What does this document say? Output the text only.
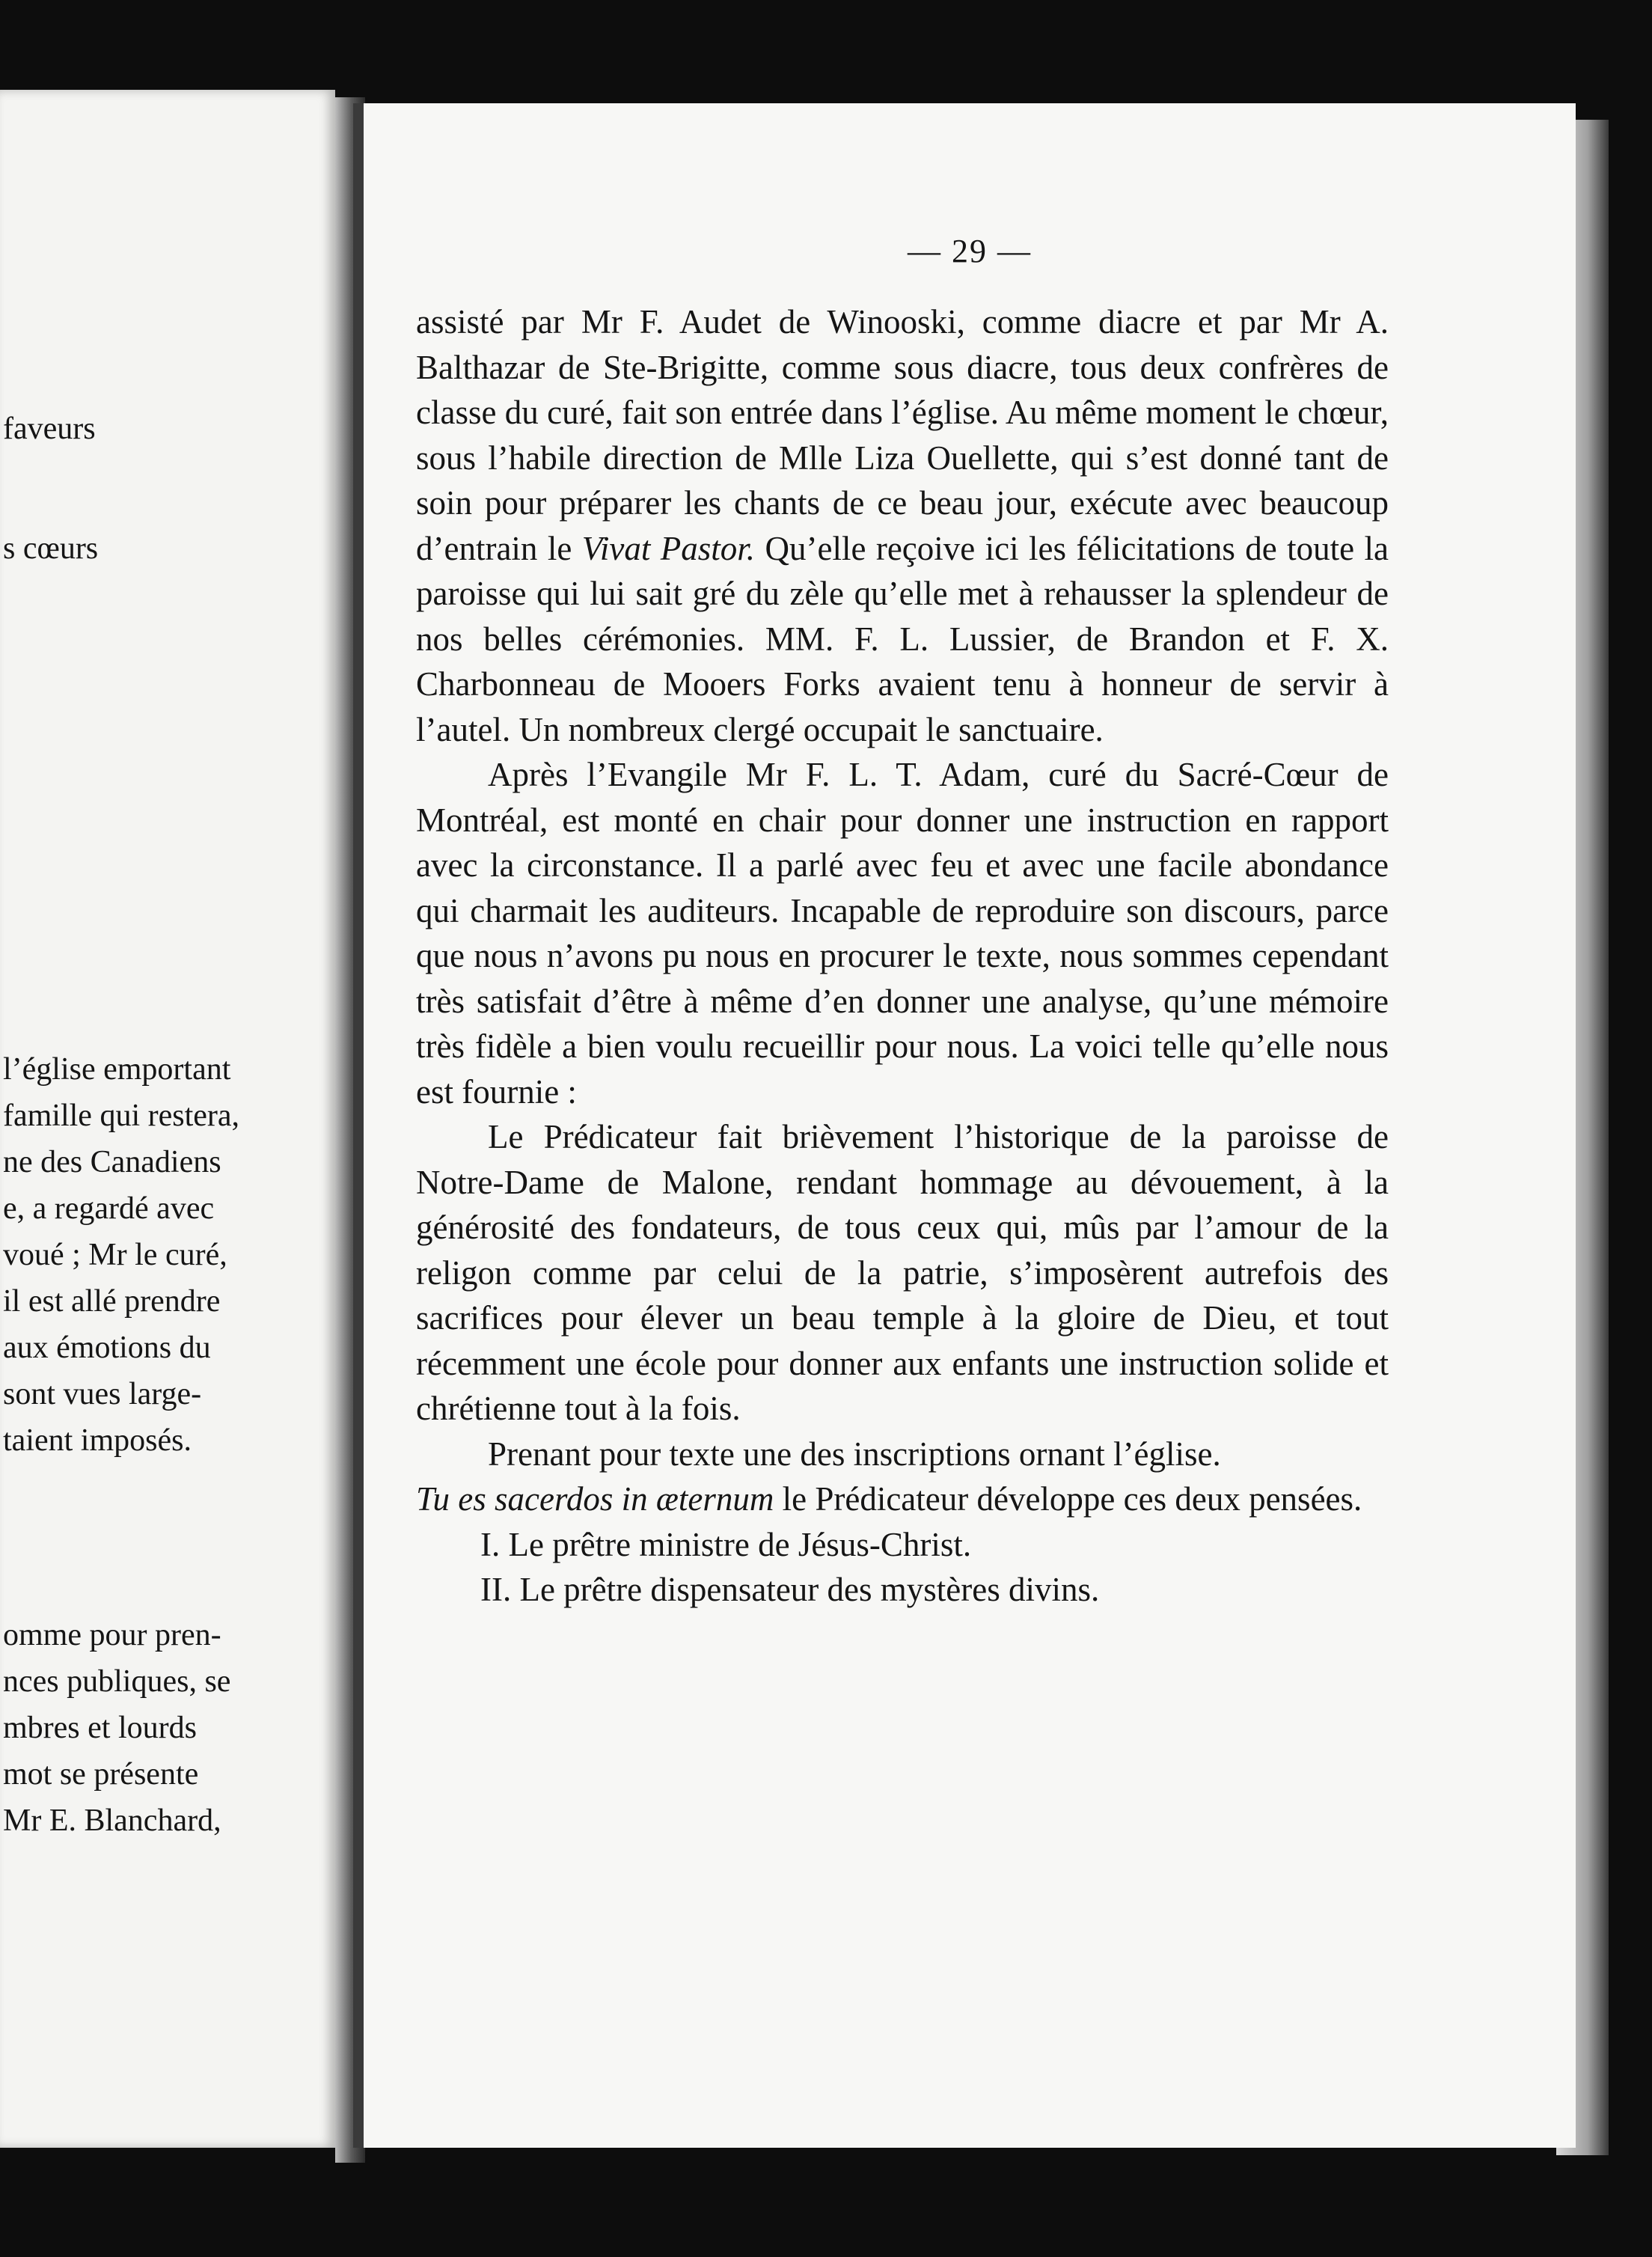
faveurs
s cœurs
l’église emportant
famille qui restera,
ne des Canadiens
e, a regardé avec
voué ; Mr le curé,
il est allé prendre
aux émotions du
sont vues large-
taient imposés.
omme pour pren-
nces publiques, se
mbres et lourds
mot se présente
Mr E. Blanchard,
— 29 —

assisté par Mr F. Audet de Winooski, comme diacre et par Mr A. Balthazar de Ste-Brigitte, comme sous diacre, tous deux confrères de classe du curé, fait son entrée dans l’église. Au même moment le chœur, sous l’habile direction de Mlle Liza Ouellette, qui s’est donné tant de soin pour préparer les chants de ce beau jour, exécute avec beaucoup d’entrain le Vivat Pastor. Qu’elle reçoive ici les félicitations de toute la paroisse qui lui sait gré du zèle qu’elle met à rehausser la splendeur de nos belles cérémonies. MM. F. L. Lussier, de Brandon et F. X. Charbonneau de Mooers Forks avaient tenu à honneur de servir à l’autel. Un nombreux clergé occupait le sanctuaire.

Après l’Evangile Mr F. L. T. Adam, curé du Sacré-Cœur de Montréal, est monté en chair pour donner une instruction en rapport avec la circonstance. Il a parlé avec feu et avec une facile abondance qui charmait les auditeurs. Incapable de reproduire son discours, parce que nous n’avons pu nous en procurer le texte, nous sommes cependant très satisfait d’être à même d’en donner une analyse, qu’une mémoire très fidèle a bien voulu recueillir pour nous. La voici telle qu’elle nous est fournie :

Le Prédicateur fait brièvement l’historique de la paroisse de Notre-Dame de Malone, rendant hommage au dévouement, à la générosité des fondateurs, de tous ceux qui, mûs par l’amour de la religon comme par celui de la patrie, s’imposèrent autrefois des sacrifices pour élever un beau temple à la gloire de Dieu, et tout récemment une école pour donner aux enfants une instruction solide et chrétienne tout à la fois.

Prenant pour texte une des inscriptions ornant l’église.

Tu es sacerdos in æternum le Prédicateur développe ces deux pensées.

I. Le prêtre ministre de Jésus-Christ.

II. Le prêtre dispensateur des mystères divins.
